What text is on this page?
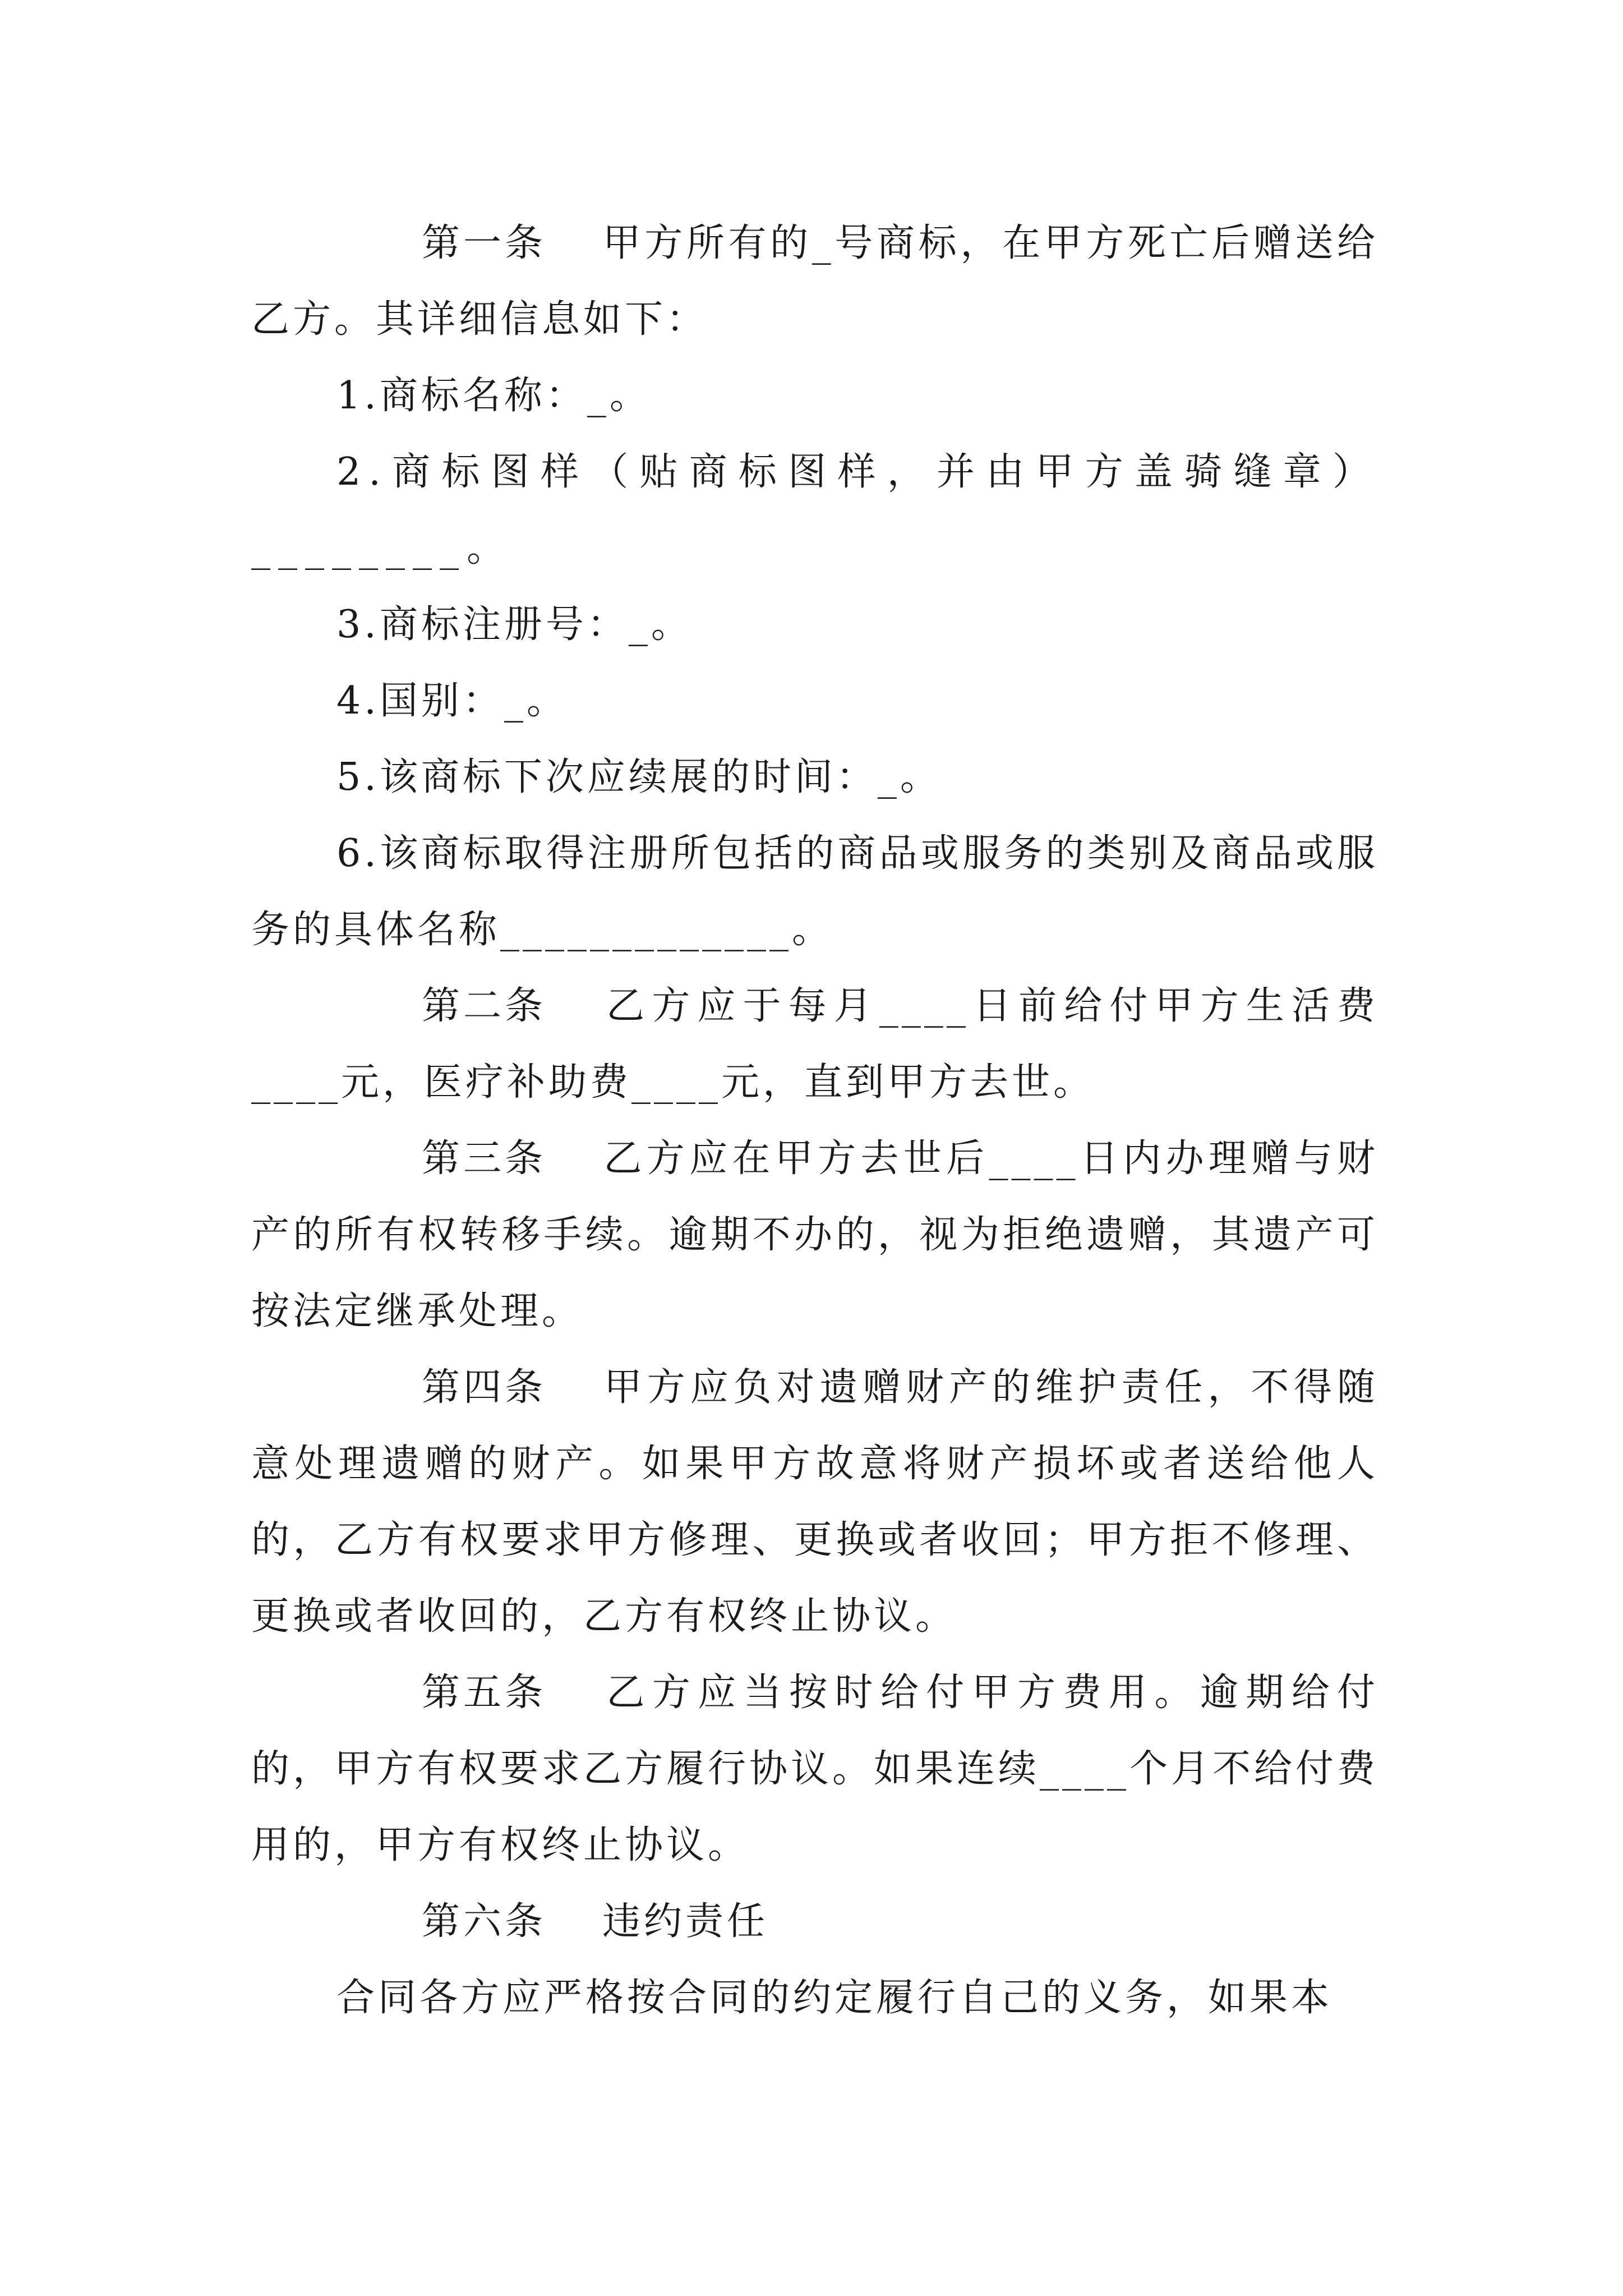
第一条 甲方所有的_号商标，在甲方死亡后赠送给乙方。其详细信息如下：

1.商标名称：_。

2.商标图样（贴商标图样，并由甲方盖骑缝章）________。

3.商标注册号：_。

4.国别：_。

5.该商标下次应续展的时间：_。

6.该商标取得注册所包括的商品或服务的类别及商品或服务的具体名称_____________。

第二条 乙方应于每月____日前给付甲方生活费____元，医疗补助费____元，直到甲方去世。

第三条 乙方应在甲方去世后____日内办理赠与财产的所有权转移手续。逾期不办的，视为拒绝遗赠，其遗产可按法定继承处理。

第四条 甲方应负对遗赠财产的维护责任，不得随意处理遗赠的财产。如果甲方故意将财产损坏或者送给他人的，乙方有权要求甲方修理、更换或者收回；甲方拒不修理、更换或者收回的，乙方有权终止协议。

第五条 乙方应当按时给付甲方费用。逾期给付的，甲方有权要求乙方履行协议。如果连续____个月不给付费用的，甲方有权终止协议。

第六条 违约责任

合同各方应严格按合同的约定履行自己的义务，如果本
